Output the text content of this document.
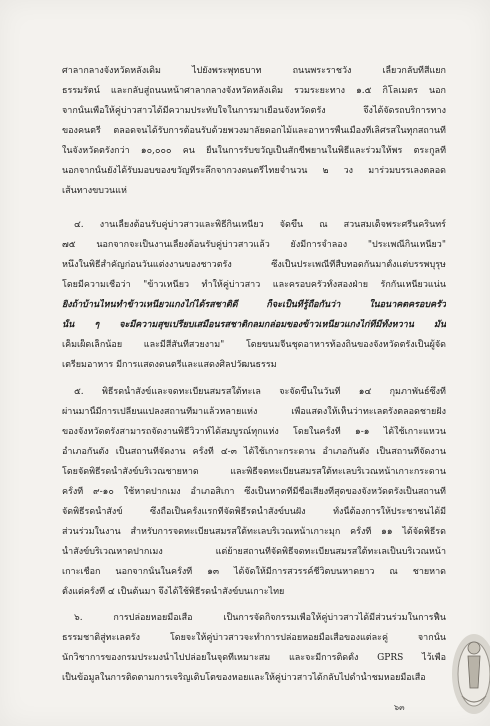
ศาลากลางจังหวัดหลังเดิม ไปยังพระพุทธบาท ถนนพระราชวัง เลี้ยวกลับที่สี่แยก
ธรรมรัตน์ และกลับสู่ถนนหน้าศาลากลางจังหวัดหลังเดิม รวมระยะทาง ๑.๕ กิโลเมตร นอก
จากนั้นเพื่อให้คู่บ่าวสาวได้มีความประทับใจในการมาเยือนจังหวัดตรัง จึงได้จัดรถบริการทาง
ของคนตรี ตลอดจนได้รับการต้อนรับด้วยพวงมาลัยดอกไม้และอาหารพื้นเมืองที่เลิศรสในทุกสถานที่
ในจังหวัดตรังกว่า ๑๐,๐๐๐ คน ยืนในการรับขวัญเป็นสักขีพยานในพิธีและร่วมให้พร ตระกูลที่
นอกจากนั้นยังได้รับมอบของขวัญที่ระลึกจากวงดนตรีไทยจำนวน ๒ วง มาร่วมบรรเลงตลอด
เส้นทางขบวนแห่
๔. งานเลี้ยงต้อนรับคู่บ่าวสาวและพิธีกินเหนียว จัดขึ้น ณ สวนสมเด็จพระศรีนครินทร์
๗๕ นอกจากจะเป็นงานเลี้ยงต้อนรับคู่บ่าวสาวแล้ว ยังมีการจำลอง "ประเพณีกินเหนียว"
หนึ่งในพิธีสำคัญก่อนวันแต่งงานของชาวตรัง ซึ่งเป็นประเพณีที่สืบทอดกันมาตั้งแต่บรรพบุรุษ
โดยมีความเชื่อว่า "ข้าวเหนียว ทำให้คู่บ่าวสาว และครอบครัวทั้งสองฝ่าย รักกันเหนียวแน่น
ยิ่งถ้าบ้านไหนทำข้าวเหนียวแกงไก่ได้รสชาติดี ก็จะเป็นที่รู้ถือกันว่า ในอนาคตครอบครัว
นั้น ๆ จะมีความสุขเปรียบเสมือนรสชาติกลมกล่อมของข้าวเหนียวแกงไก่ที่มีทั้งหวาน มัน
เค็มเผ็ดเล็กน้อย และมีสีสันที่สวยงาม" โดยขนมจีนชุดอาหารท้องถิ่นของจังหวัดตรังเป็นผู้จัด
เตรียมอาหาร มีการแสดงดนตรีและแสดงศิลปวัฒนธรรม
๕. พิธีรดน้ำสังข์และจดทะเบียนสมรสใต้ทะเล จะจัดขึ้นในวันที่ ๑๔ กุมภาพันธ์ซึ่งที่
ผ่านมานี้มีการเปลี่ยนแปลงสถานที่มาแล้วหลายแห่ง เพื่อแสดงให้เห็นว่าทะเลตรังตลอดชายฝั่ง
ของจังหวัดตรังสามารถจัดงานพิธีวิวาห์ได้สมบูรณ์ทุกแห่ง โดยในครั้งที่ ๑-๑ ได้ใช้เกาะแหวน
อำเภอกันตัง เป็นสถานที่จัดงาน ครั้งที่ ๔-๓ ได้ใช้เกาะกระดาน อำเภอกันตัง เป็นสถานที่จัดงาน
โดยจัดพิธีรดน้ำสังข์บริเวณชายหาด และพิธีจดทะเบียนสมรสใต้ทะเลบริเวณหน้าเกาะกระดาน
ครั้งที่ ๙-๑๐ ใช้หาดปากเมง อำเภอสิเกา ซึ่งเป็นหาดที่มีชื่อเสียงที่สุดของจังหวัดตรังเป็นสถานที่
จัดพิธีรดน้ำสังข์ ซึ่งถือเป็นครั้งแรกที่จัดพิธีรดน้ำสังข์บนฝั่ง ทั้งนี้ต้องการให้ประชาชนได้มี
ส่วนร่วมในงาน สำหรับการจดทะเบียนสมรสใต้ทะเลบริเวณหน้าเกาะมุก ครั้งที่ ๑๑ ได้จัดพิธีรด
น้ำสังข์บริเวณหาดปากเมง แต่ย้ายสถานที่จัดพิธีจดทะเบียนสมรสใต้ทะเลเป็นบริเวณหน้า
เกาะเชือก นอกจากนั้นในครั้งที่ ๑๓ ได้จัดให้มีการสวรรค์ชีวิตบนหาดยาว ณ ชายหาด
ตั้งแต่ครั้งที่ ๔ เป็นต้นมา จึงได้ใช้พิธีรดน้ำสังข์บนเกาะไทย
๖. การปล่อยหอยมือเสือ เป็นการจัดกิจกรรมเพื่อให้คู่บ่าวสาวได้มีส่วนร่วมในการฟื้น
ธรรมชาติสู่ทะเลตรัง โดยจะให้คู่บ่าวสาวจะทำการปล่อยหอยมือเสือของแต่ละคู่ จากนั้น
นักวิชาการของกรมประมงนำไปปล่อยในจุดที่เหมาะสม และจะมีการติดตั้ง GPRS ไว้เพื่อ
เป็นข้อมูลในการติดตามการเจริญเติบโตของหอยและให้คู่บ่าวสาวได้กลับไปดำน้ำชมหอยมือเสือ
๖๓
